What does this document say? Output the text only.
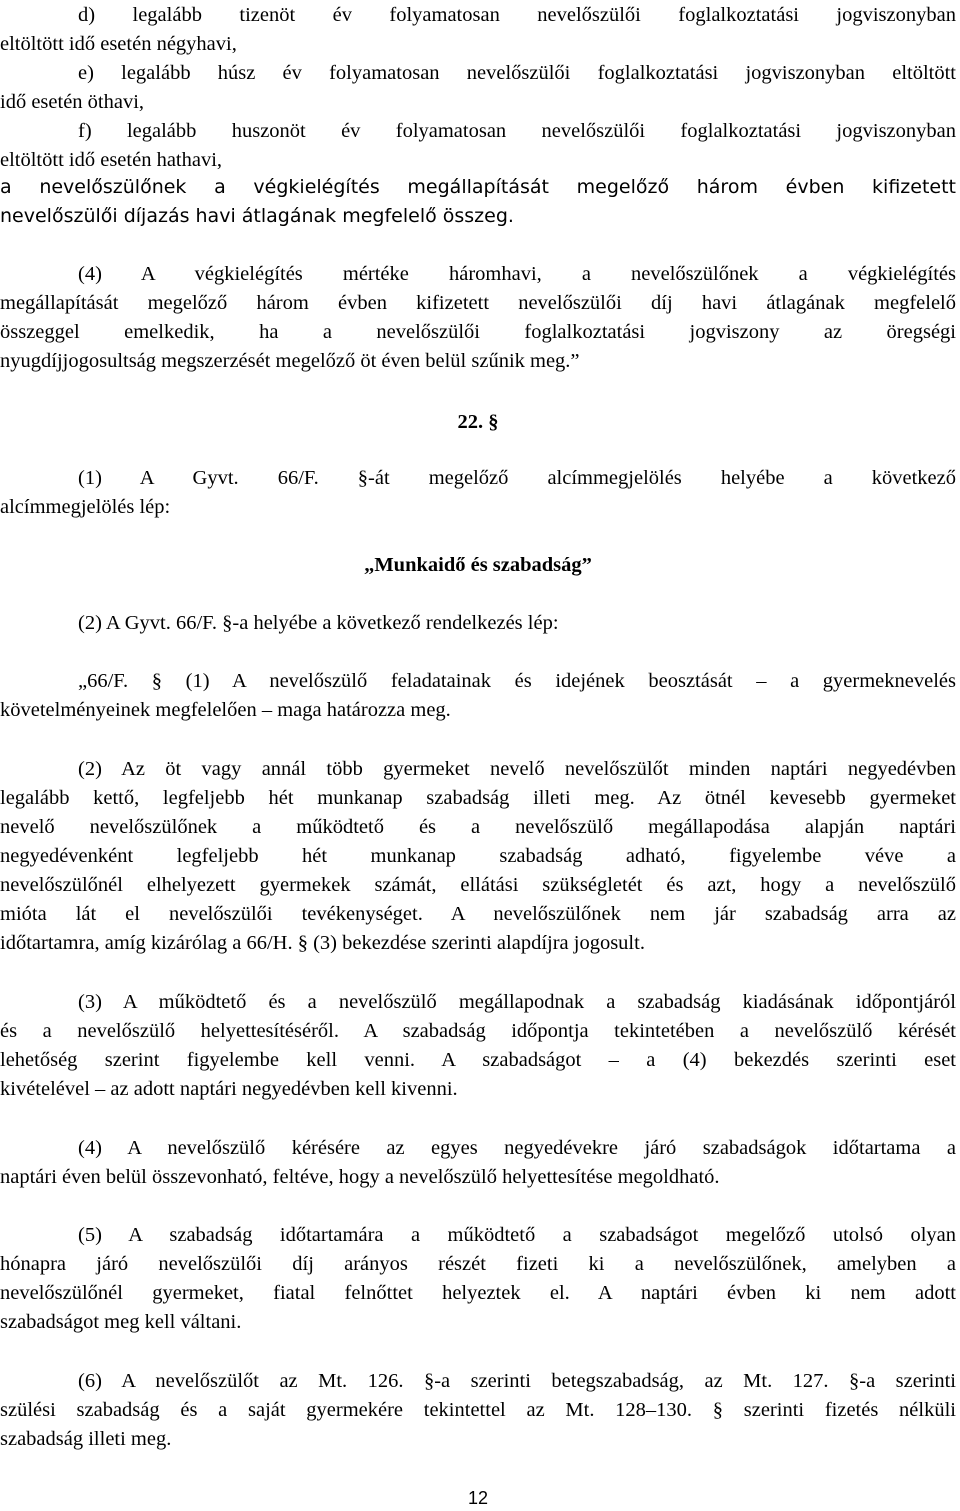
d) legalább tizenöt év folyamatosan nevelőszülői foglalkoztatási jogviszonyban
eltöltött idő esetén négyhavi,
e) legalább húsz év folyamatosan nevelőszülői foglalkoztatási jogviszonyban eltöltött
idő esetén öthavi,
f) legalább huszonöt év folyamatosan nevelőszülői foglalkoztatási jogviszonyban
eltöltött idő esetén hathavi,
a nevelőszülőnek a végkielégítés megállapítását megelőző három évben kifizetett
nevelőszülői díjazás havi átlagának megfelelő összeg.
(4) A végkielégítés mértéke háromhavi, a nevelőszülőnek a végkielégítés
megállapítását megelőző három évben kifizetett nevelőszülői díj havi átlagának megfelelő
összeggel emelkedik, ha a nevelőszülői foglalkoztatási jogviszony az öregségi
nyugdíjjogosultság megszerzését megelőző öt éven belül szűnik meg.”
22. §
(1) A Gyvt. 66/F. §-át megelőző alcímmegjelölés helyébe a következő
alcímmegjelölés lép:
„Munkaidő és szabadság”
(2) A Gyvt. 66/F. §-a helyébe a következő rendelkezés lép:
„66/F. § (1) A nevelőszülő feladatainak és idejének beosztását – a gyermeknevelés
követelményeinek megfelelően – maga határozza meg.
(2) Az öt vagy annál több gyermeket nevelő nevelőszülőt minden naptári negyedévben
legalább kettő, legfeljebb hét munkanap szabadság illeti meg. Az ötnél kevesebb gyermeket
nevelő nevelőszülőnek a működtető és a nevelőszülő megállapodása alapján naptári
negyedévenként legfeljebb hét munkanap szabadság adható, figyelembe véve a
nevelőszülőnél elhelyezett gyermekek számát, ellátási szükségletét és azt, hogy a nevelőszülő
mióta lát el nevelőszülői tevékenységet. A nevelőszülőnek nem jár szabadság arra az
időtartamra, amíg kizárólag a 66/H. § (3) bekezdése szerinti alapdíjra jogosult.
(3) A működtető és a nevelőszülő megállapodnak a szabadság kiadásának időpontjáról
és a nevelőszülő helyettesítéséről. A szabadság időpontja tekintetében a nevelőszülő kérését
lehetőség szerint figyelembe kell venni. A szabadságot – a (4) bekezdés szerinti eset
kivételével – az adott naptári negyedévben kell kivenni.
(4) A nevelőszülő kérésére az egyes negyedévekre járó szabadságok időtartama a
naptári éven belül összevonható, feltéve, hogy a nevelőszülő helyettesítése megoldható.
(5) A szabadság időtartamára a működtető a szabadságot megelőző utolsó olyan
hónapra járó nevelőszülői díj arányos részét fizeti ki a nevelőszülőnek, amelyben a
nevelőszülőnél gyermeket, fiatal felnőttet helyeztek el. A naptári évben ki nem adott
szabadságot meg kell váltani.
(6) A nevelőszülőt az Mt. 126. §-a szerinti betegszabadság, az Mt. 127. §-a szerinti
szülési szabadság és a saját gyermekére tekintettel az Mt. 128–130. § szerinti fizetés nélküli
szabadság illeti meg.
12
